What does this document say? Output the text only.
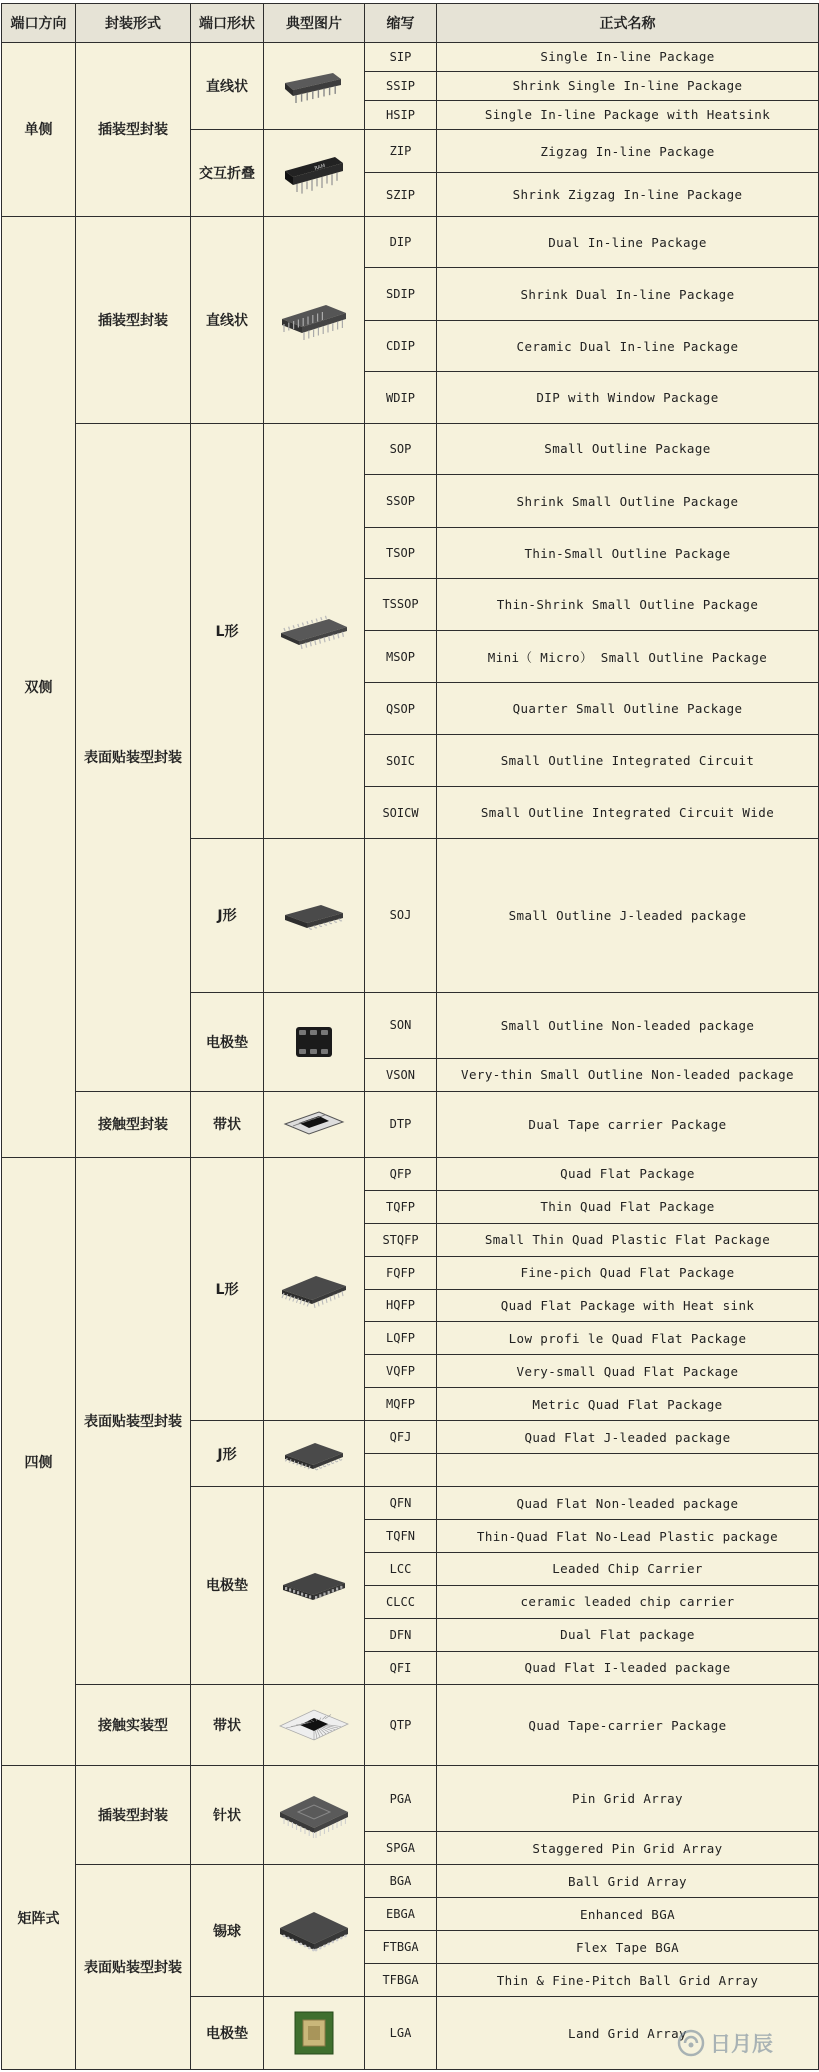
端口方向	封装形式	端口形状	典型图片	缩写	正式名称
单侧	插装型封装	直线状		SIP	Single In-line Package
				SSIP	Shrink Single In-line Package
				HSIP	Single In-line Package with Heatsink
		交互折叠	RAM	ZIP	Zigzag In-line Package
				SZIP	Shrink Zigzag In-line Package
双侧	插装型封装	直线状		DIP	Dual In-line Package
				SDIP	Shrink Dual In-line Package
				CDIP	Ceramic Dual In-line Package
				WDIP	DIP with Window Package
	表面贴装型封装	L形		SOP	Small Outline Package
				SSOP	Shrink Small Outline Package
				TSOP	Thin-Small Outline Package
				TSSOP	Thin-Shrink Small Outline Package
				MSOP	Mini（ Micro） Small Outline Package
				QSOP	Quarter Small Outline Package
				SOIC	Small Outline Integrated Circuit
				SOICW	Small Outline Integrated Circuit Wide
		J形		SOJ	Small Outline J-leaded package
		电极垫		SON	Small Outline Non-leaded package
				VSON	Very-thin Small Outline Non-leaded package
	接触型封装	带状		DTP	Dual Tape carrier Package
四侧	表面贴装型封装	L形		QFP	Quad Flat Package
				TQFP	Thin Quad Flat Package
				STQFP	Small Thin Quad Plastic Flat Package
				FQFP	Fine-pich Quad Flat Package
				HQFP	Quad Flat Package with Heat sink
				LQFP	Low profi le Quad Flat Package
				VQFP	Very-small Quad Flat Package
				MQFP	Metric Quad Flat Package
		J形		QFJ	Quad Flat J-leaded package

		电极垫		QFN	Quad Flat Non-leaded package
				TQFN	Thin-Quad Flat No-Lead Plastic package
				LCC	Leaded Chip Carrier
				CLCC	ceramic leaded chip carrier
				DFN	Dual Flat package
				QFI	Quad Flat I-leaded package
	接触实装型	带状		QTP	Quad Tape-carrier Package
矩阵式	插装型封装	针状		PGA	Pin Grid Array
				SPGA	Staggered Pin Grid Array
	表面贴装型封装	锡球		BGA	Ball Grid Array
				EBGA	Enhanced BGA
				FTBGA	Flex Tape BGA
				TFBGA	Thin & Fine-Pitch Ball Grid Array
		电极垫		LGA	Land Grid Array 日月辰
